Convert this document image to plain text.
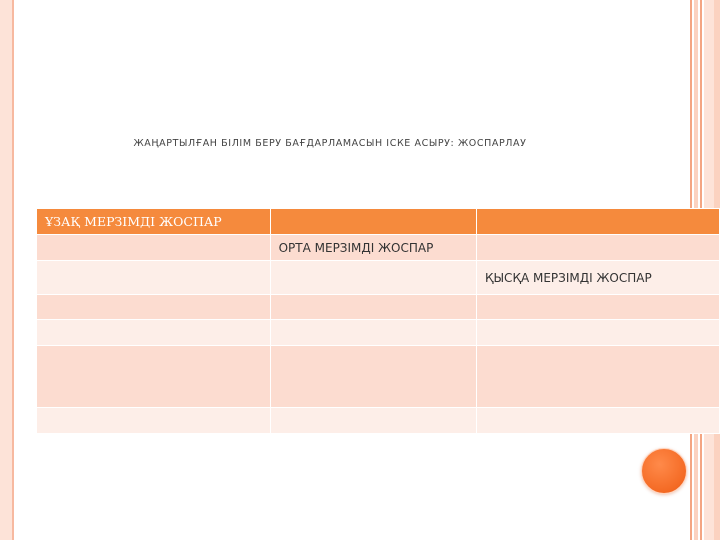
ЖАҢАРТЫЛҒАН БІЛІМ БЕРУ БАҒДАРЛАМАСЫН ІСКЕ АСЫРУ: ЖОСПАРЛАУ
ҰЗАҚ МЕРЗІМДІ ЖОСПАР		
	ОРТА МЕРЗІМДІ ЖОСПАР	
		ҚЫСҚА МЕРЗІМДІ ЖОСПАР
